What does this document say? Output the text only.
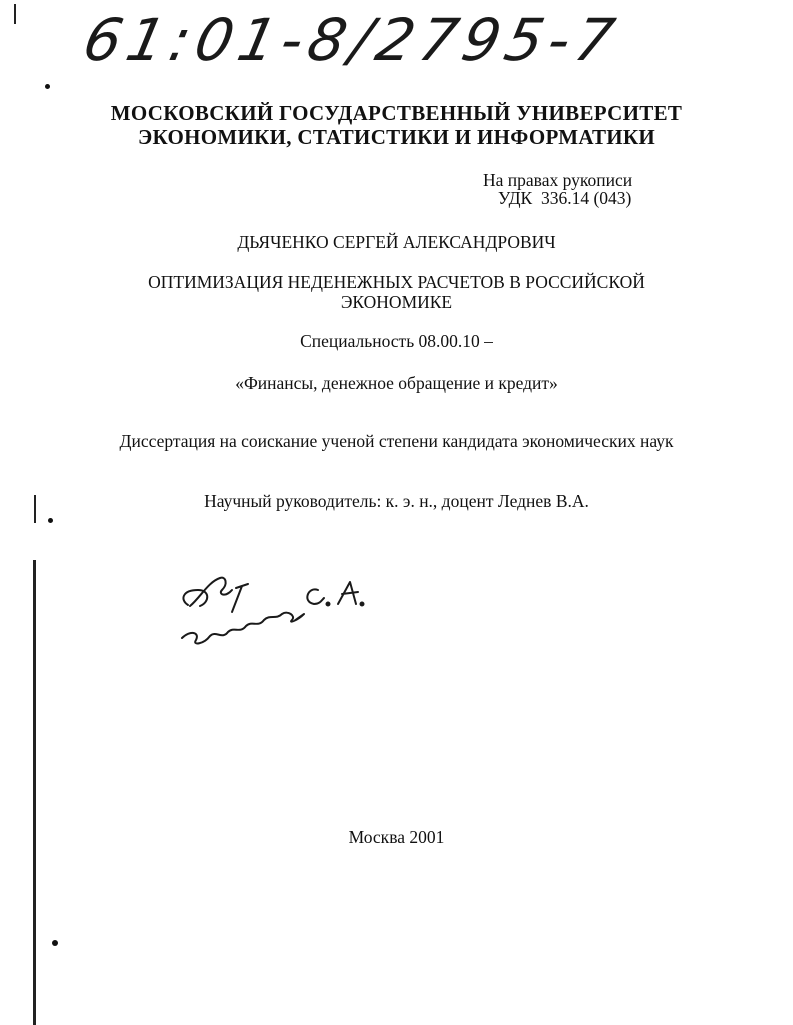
61:01-8/2795-7
МОСКОВСКИЙ ГОСУДАРСТВЕННЫЙ УНИВЕРСИТЕТ
ЭКОНОМИКИ, СТАТИСТИКИ И ИНФОРМАТИКИ
На правах рукописи
УДК  336.14 (043)
ДЬЯЧЕНКО СЕРГЕЙ АЛЕКСАНДРОВИЧ
ОПТИМИЗАЦИЯ НЕДЕНЕЖНЫХ РАСЧЕТОВ В РОССИЙСКОЙ
ЭКОНОМИКЕ
Специальность 08.00.10 –
«Финансы, денежное обращение и кредит»
Диссертация на соискание ученой степени кандидата экономических наук
Научный руководитель: к. э. н., доцент Леднев В.А.
Москва 2001
